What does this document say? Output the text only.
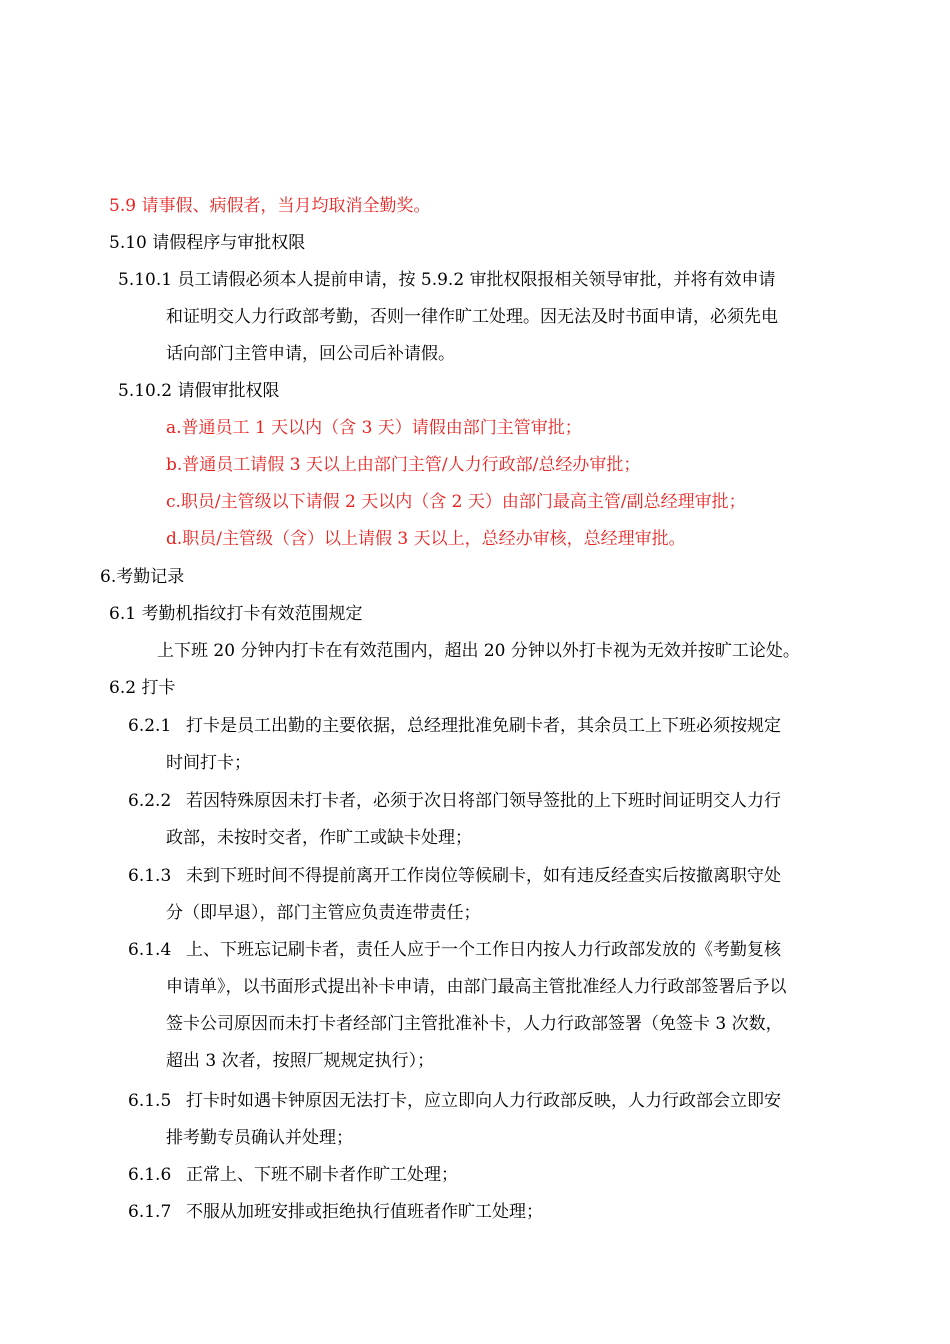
5.9 请事假、病假者，当月均取消全勤奖。
5.10 请假程序与审批权限
5.10.1 员工请假必须本人提前申请，按 5.9.2 审批权限报相关领导审批，并将有效申请
和证明交人力行政部考勤，否则一律作旷工处理。因无法及时书面申请，必须先电
话向部门主管申请，回公司后补请假。
5.10.2 请假审批权限
a.普通员工 1 天以内（含 3 天）请假由部门主管审批；
b.普通员工请假 3 天以上由部门主管/人力行政部/总经办审批；
c.职员/主管级以下请假 2 天以内（含 2 天）由部门最高主管/副总经理审批；
d.职员/主管级（含）以上请假 3 天以上，总经办审核，总经理审批。
6.考勤记录
6.1 考勤机指纹打卡有效范围规定
上下班 20 分钟内打卡在有效范围内，超出 20 分钟以外打卡视为无效并按旷工论处。
6.2 打卡
6.2.1 打卡是员工出勤的主要依据，总经理批准免刷卡者，其余员工上下班必须按规定
时间打卡；
6.2.2 若因特殊原因未打卡者，必须于次日将部门领导签批的上下班时间证明交人力行
政部，未按时交者，作旷工或缺卡处理；
6.1.3 未到下班时间不得提前离开工作岗位等候刷卡，如有违反经查实后按撤离职守处
分（即早退），部门主管应负责连带责任；
6.1.4 上、下班忘记刷卡者，责任人应于一个工作日内按人力行政部发放的《考勤复核
申请单》，以书面形式提出补卡申请，由部门最高主管批准经人力行政部签署后予以
签卡公司原因而未打卡者经部门主管批准补卡，人力行政部签署（免签卡 3 次数，
超出 3 次者，按照厂规规定执行）；
6.1.5 打卡时如遇卡钟原因无法打卡，应立即向人力行政部反映，人力行政部会立即安
排考勤专员确认并处理；
6.1.6 正常上、下班不刷卡者作旷工处理；
6.1.7 不服从加班安排或拒绝执行值班者作旷工处理；
